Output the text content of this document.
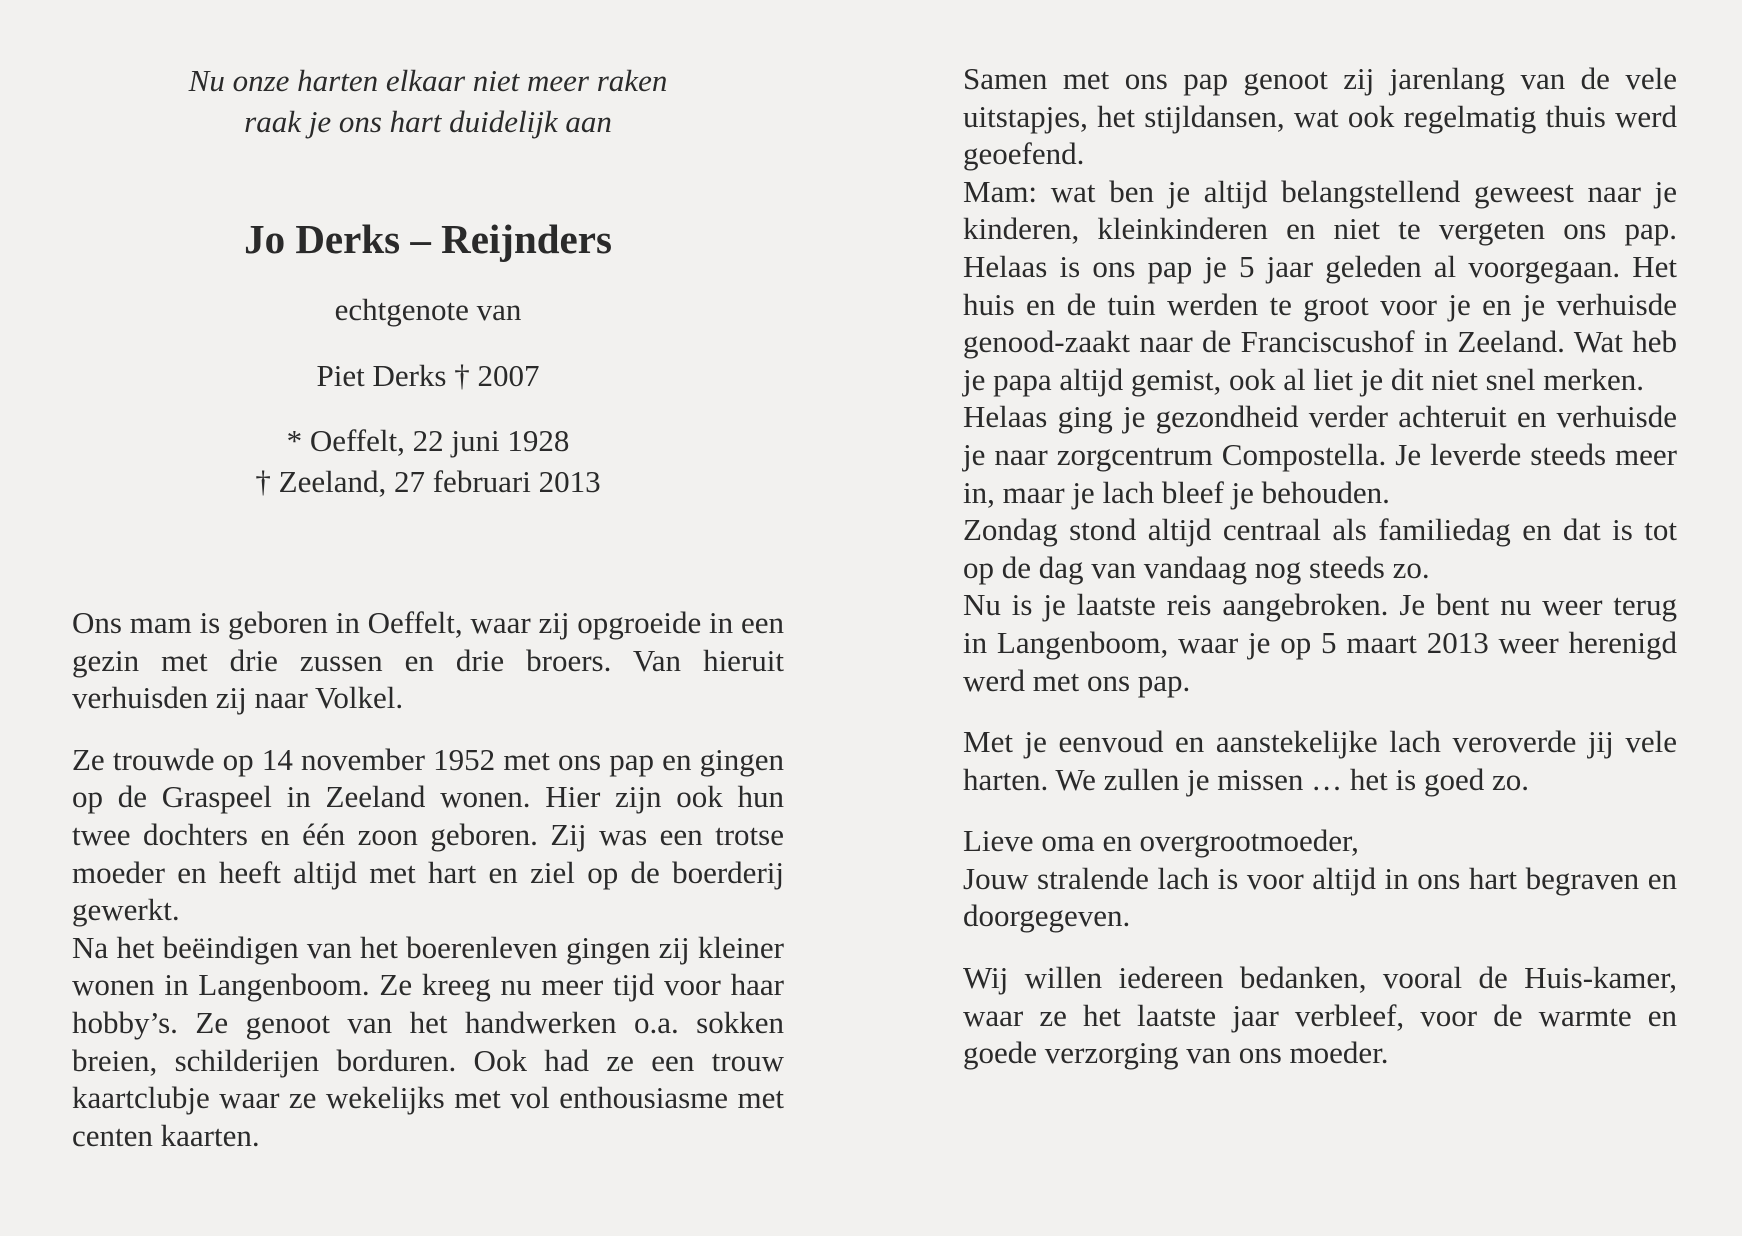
Nu onze harten elkaar niet meer raken
raak je ons hart duidelijk aan

Jo Derks – Reijnders

echtgenote van

Piet Derks † 2007

* Oeffelt, 22 juni 1928
† Zeeland, 27 februari 2013

Ons mam is geboren in Oeffelt, waar zij opgroeide in een gezin met drie zussen en drie broers. Van hieruit verhuisden zij naar Volkel.

Ze trouwde op 14 november 1952 met ons pap en gingen op de Graspeel in Zeeland wonen. Hier zijn ook hun twee dochters en één zoon geboren. Zij was een trotse moeder en heeft altijd met hart en ziel op de boerderij gewerkt.

Na het beëindigen van het boerenleven gingen zij kleiner wonen in Langenboom. Ze kreeg nu meer tijd voor haar hobby’s. Ze genoot van het handwerken o.a. sokken breien, schilderijen borduren. Ook had ze een trouw kaartclubje waar ze wekelijks met vol enthousiasme met centen kaarten.

Samen met ons pap genoot zij jarenlang van de vele uitstapjes, het stijldansen, wat ook regelmatig thuis werd geoefend.

Mam: wat ben je altijd belangstellend geweest naar je kinderen, kleinkinderen en niet te vergeten ons pap. Helaas is ons pap je 5 jaar geleden al voorgegaan. Het huis en de tuin werden te groot voor je en je verhuisde genood-zaakt naar de Franciscushof in Zeeland. Wat heb je papa altijd gemist, ook al liet je dit niet snel merken.

Helaas ging je gezondheid verder achteruit en verhuisde je naar zorgcentrum Compostella. Je leverde steeds meer in, maar je lach bleef je behouden.

Zondag stond altijd centraal als familiedag en dat is tot op de dag van vandaag nog steeds zo.

Nu is je laatste reis aangebroken. Je bent nu weer terug in Langenboom, waar je op 5 maart 2013 weer herenigd werd met ons pap.

Met je eenvoud en aanstekelijke lach veroverde jij vele harten. We zullen je missen … het is goed zo.

Lieve oma en overgrootmoeder,

Jouw stralende lach is voor altijd in ons hart begraven en doorgegeven.

Wij willen iedereen bedanken, vooral de Huis-kamer, waar ze het laatste jaar verbleef, voor de warmte en goede verzorging van ons moeder.
